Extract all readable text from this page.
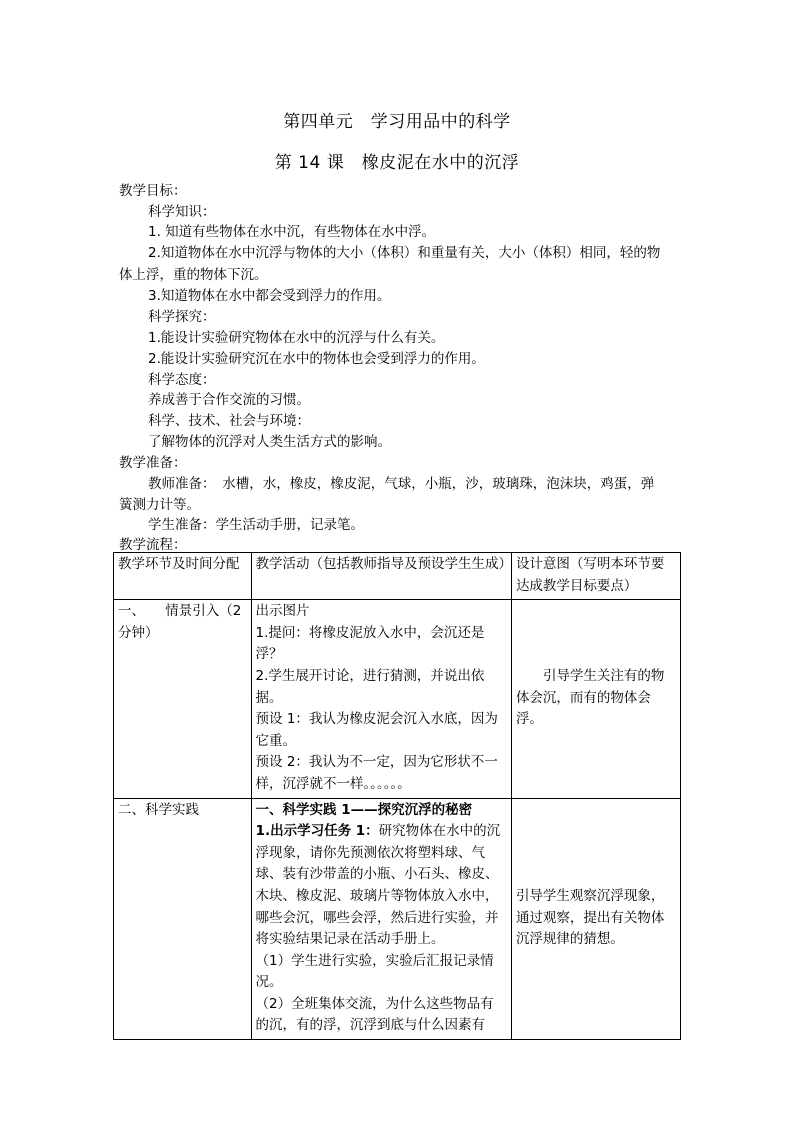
第四单元　学习用品中的科学
第 14 课　橡皮泥在水中的沉浮
教学目标：
科学知识：
1. 知道有些物体在水中沉，有些物体在水中浮。
2.知道物体在水中沉浮与物体的大小（体积）和重量有关，大小（体积）相同，轻的物
体上浮，重的物体下沉。
3.知道物体在水中都会受到浮力的作用。
科学探究：
1.能设计实验研究物体在水中的沉浮与什么有关。
2.能设计实验研究沉在水中的物体也会受到浮力的作用。
科学态度：
养成善于合作交流的习惯。
科学、技术、社会与环境：
了解物体的沉浮对人类生活方式的影响。
教学准备：
教师准备：　水槽，水，橡皮，橡皮泥，气球，小瓶，沙，玻璃珠，泡沫块，鸡蛋，弹
簧测力计等。
学生准备：学生活动手册，记录笔。
教学流程：
教学环节及时间分配	教学活动（包括教师指导及预设学生生成）	设计意图（写明本环节要达成教学目标要点）
一、　　情景引入（2 分钟）	出示图片
1.提问：将橡皮泥放入水中，会沉还是浮？
2.学生展开讨论，进行猜测，并说出依据。
预设 1：我认为橡皮泥会沉入水底，因为它重。
预设 2：我认为不一定，因为它形状不一样，沉浮就不一样。。。。。。	引导学生关注有的物体会沉，而有的物体会浮。
二、科学实践	一、科学实践 1——探究沉浮的秘密
1.出示学习任务 1：研究物体在水中的沉浮现象，请你先预测依次将塑料球、气球、装有沙带盖的小瓶、小石头、橡皮、木块、橡皮泥、玻璃片等物体放入水中，哪些会沉，哪些会浮，然后进行实验，并将实验结果记录在活动手册上。
（1）学生进行实验，实验后汇报记录情况。
（2）全班集体交流，为什么这些物品有的沉，有的浮，沉浮到底与什么因素有	引导学生观察沉浮现象，通过观察，提出有关物体沉浮规律的猜想。
